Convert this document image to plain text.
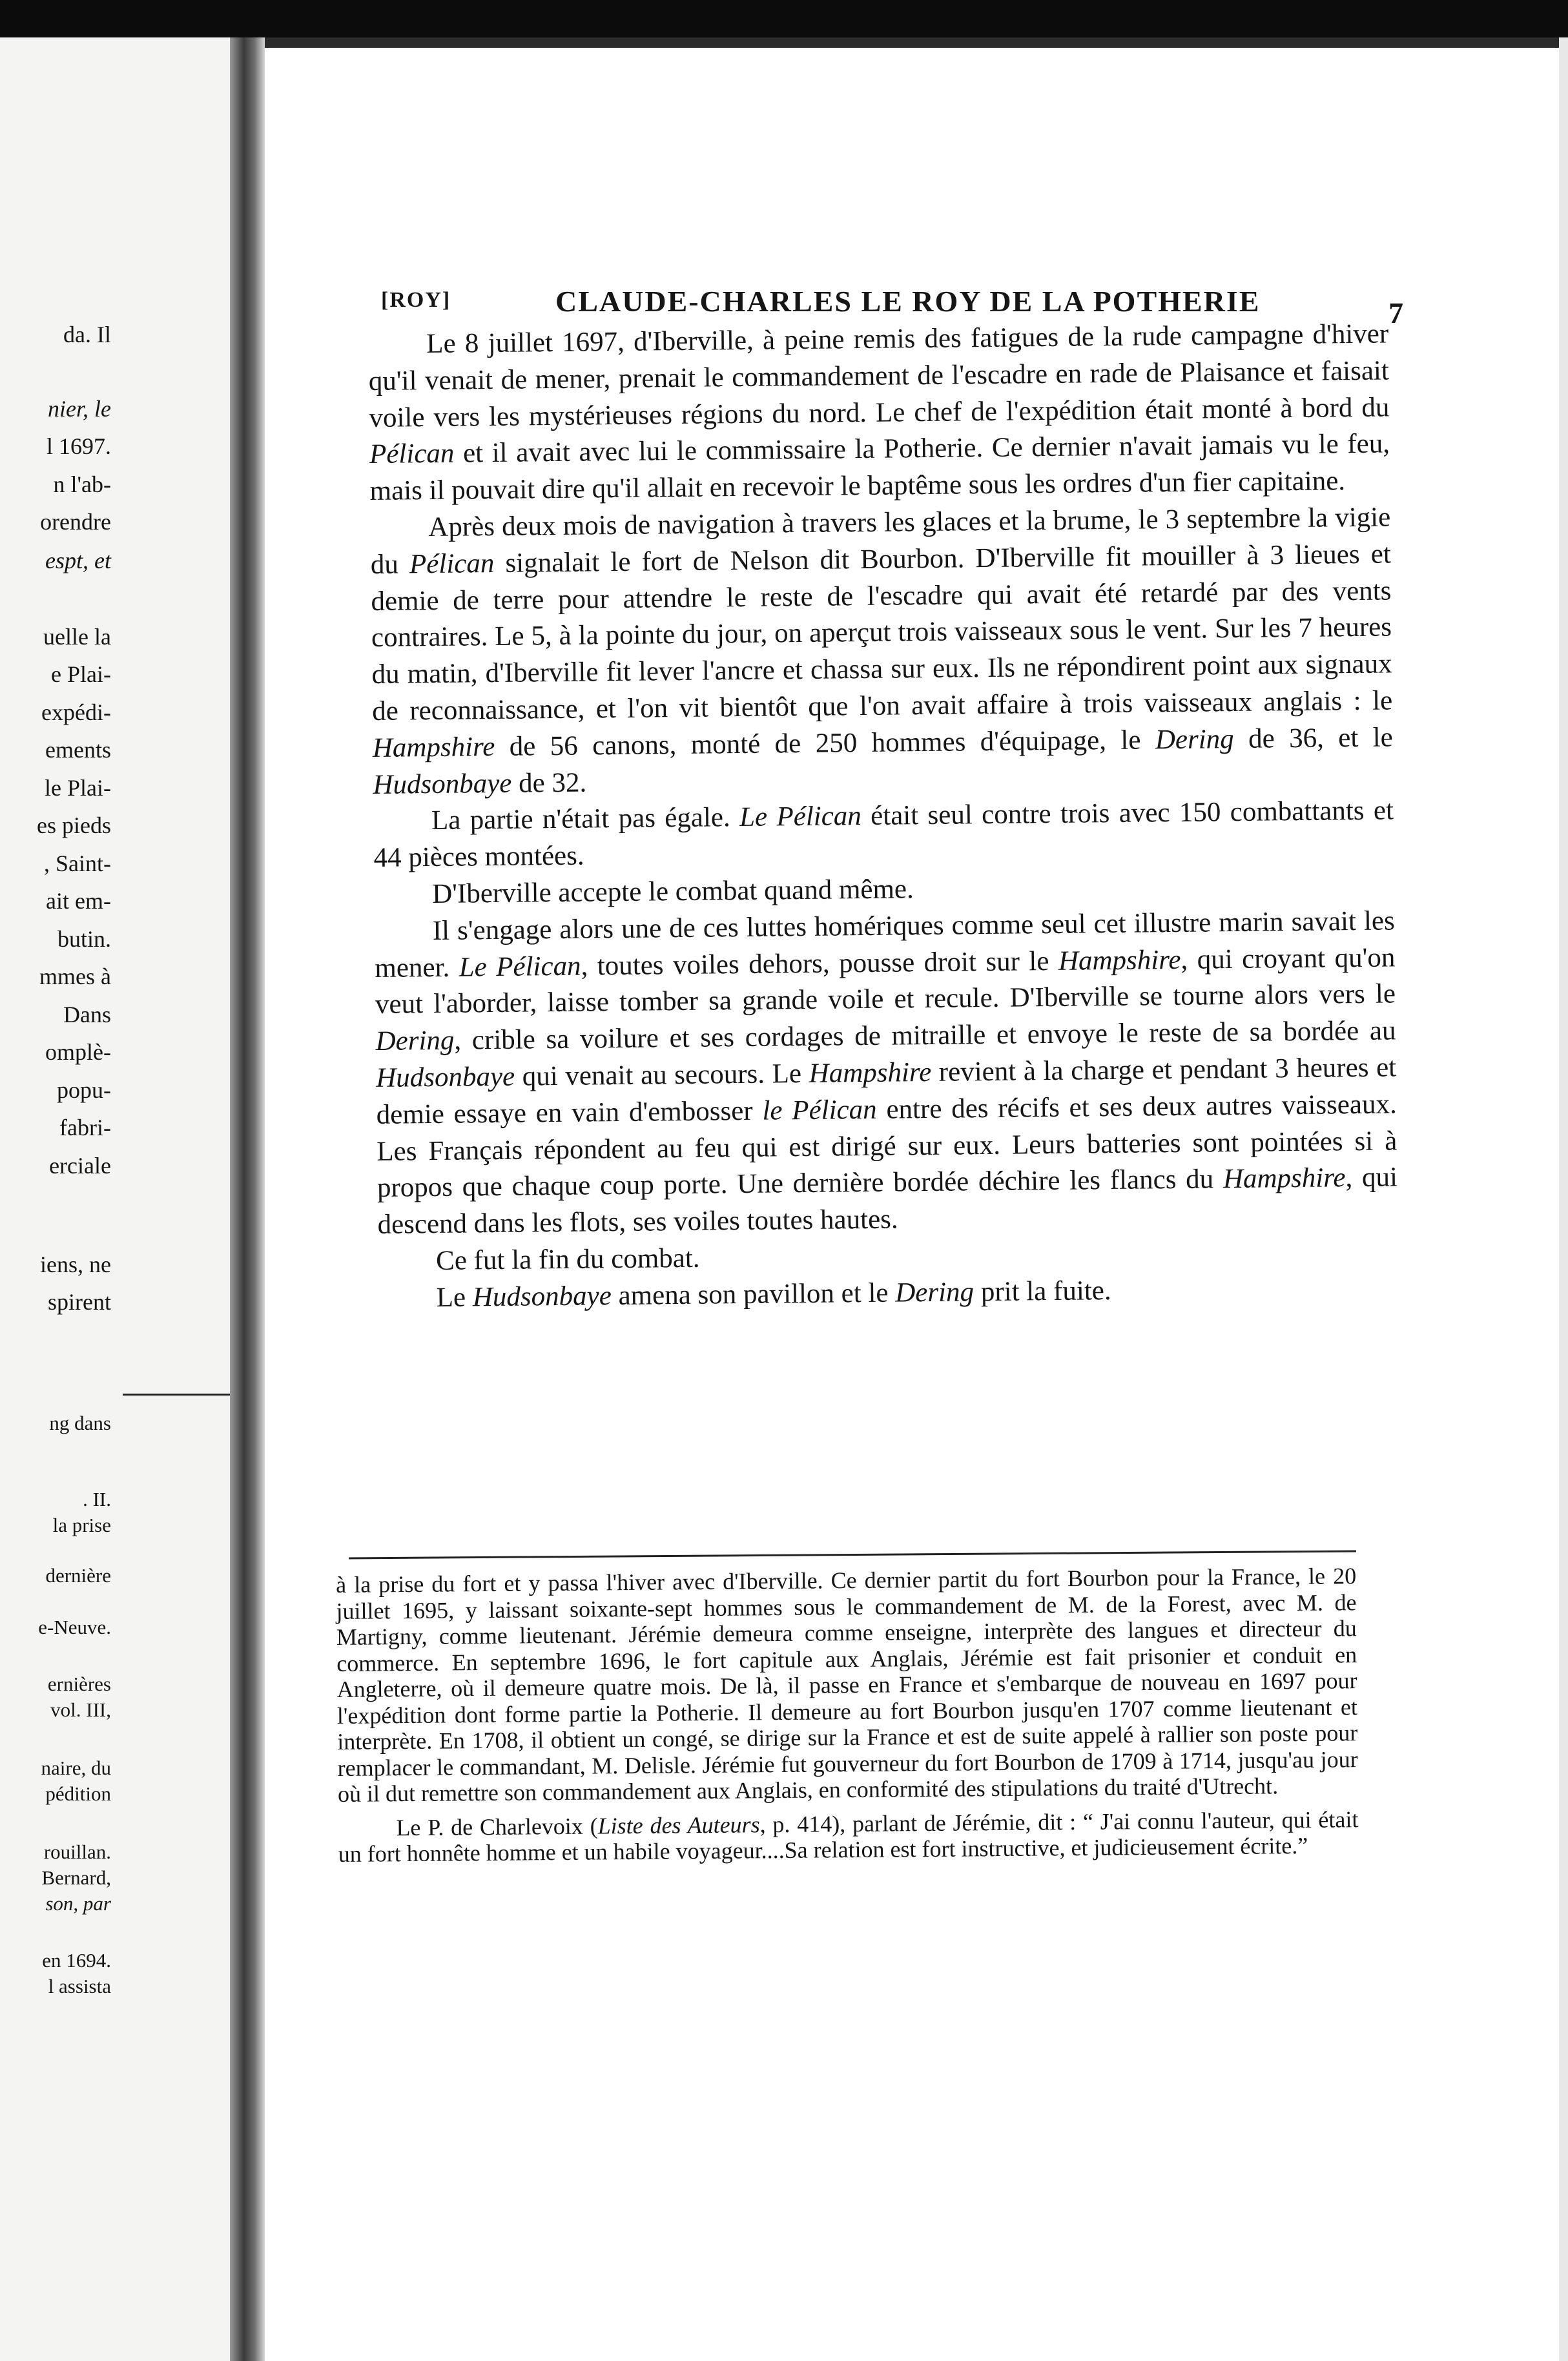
da. Il
nier, le
l 1697.
n l'ab-
orendre
espt, et
uelle la
e Plai-
expédi-
ements
le Plai-
es pieds
, Saint-
ait em-
butin.
mmes à
Dans
omplè-
popu-
fabri-
erciale
iens, ne
spirent
ng dans
. II.
la prise
dernière
e-Neuve.
ernières
vol. III,
naire, du
pédition
rouillan.
Bernard,
son, par
en 1694.
l assista
[ROY]	CLAUDE-CHARLES LE ROY DE LA POTHERIE	7

Le 8 juillet 1697, d'Iberville, à peine remis des fatigues de la rude campagne d'hiver qu'il venait de mener, prenait le commandement de l'escadre en rade de Plaisance et faisait voile vers les mystérieuses régions du nord. Le chef de l'expédition était monté à bord du Pélican et il avait avec lui le commissaire la Potherie. Ce dernier n'avait jamais vu le feu, mais il pouvait dire qu'il allait en recevoir le baptême sous les ordres d'un fier capitaine.

Après deux mois de navigation à travers les glaces et la brume, le 3 septembre la vigie du Pélican signalait le fort de Nelson dit Bourbon. D'Iberville fit mouiller à 3 lieues et demie de terre pour attendre le reste de l'escadre qui avait été retardé par des vents contraires. Le 5, à la pointe du jour, on aperçut trois vaisseaux sous le vent. Sur les 7 heures du matin, d'Iberville fit lever l'ancre et chassa sur eux. Ils ne répondirent point aux signaux de reconnaissance, et l'on vit bientôt que l'on avait affaire à trois vaisseaux anglais : le Hampshire de 56 canons, monté de 250 hommes d'équipage, le Dering de 36, et le Hudsonbaye de 32.

La partie n'était pas égale. Le Pélican était seul contre trois avec 150 combattants et 44 pièces montées.

D'Iberville accepte le combat quand même.

Il s'engage alors une de ces luttes homériques comme seul cet illustre marin savait les mener. Le Pélican, toutes voiles dehors, pousse droit sur le Hampshire, qui croyant qu'on veut l'aborder, laisse tomber sa grande voile et recule. D'Iberville se tourne alors vers le Dering, crible sa voilure et ses cordages de mitraille et envoye le reste de sa bordée au Hudsonbaye qui venait au secours. Le Hampshire revient à la charge et pendant 3 heures et demie essaye en vain d'embosser le Pélican entre des récifs et ses deux autres vaisseaux. Les Français répondent au feu qui est dirigé sur eux. Leurs batteries sont pointées si à propos que chaque coup porte. Une dernière bordée déchire les flancs du Hampshire, qui descend dans les flots, ses voiles toutes hautes.

Ce fut la fin du combat.

Le Hudsonbaye amena son pavillon et le Dering prit la fuite.

à la prise du fort et y passa l'hiver avec d'Iberville. Ce dernier partit du fort Bourbon pour la France, le 20 juillet 1695, y laissant soixante-sept hommes sous le commandement de M. de la Forest, avec M. de Martigny, comme lieutenant. Jérémie demeura comme enseigne, interprète des langues et directeur du commerce. En septembre 1696, le fort capitule aux Anglais, Jérémie est fait prisonier et conduit en Angleterre, où il demeure quatre mois. De là, il passe en France et s'embarque de nouveau en 1697 pour l'expédition dont forme partie la Potherie. Il demeure au fort Bourbon jusqu'en 1707 comme lieutenant et interprète. En 1708, il obtient un congé, se dirige sur la France et est de suite appelé à rallier son poste pour remplacer le commandant, M. Delisle. Jérémie fut gouverneur du fort Bourbon de 1709 à 1714, jusqu'au jour où il dut remettre son commandement aux Anglais, en conformité des stipulations du traité d'Utrecht.

Le P. de Charlevoix (Liste des Auteurs, p. 414), parlant de Jérémie, dit : “ J'ai connu l'auteur, qui était un fort honnête homme et un habile voyageur....Sa relation est fort instructive, et judicieusement écrite.”
